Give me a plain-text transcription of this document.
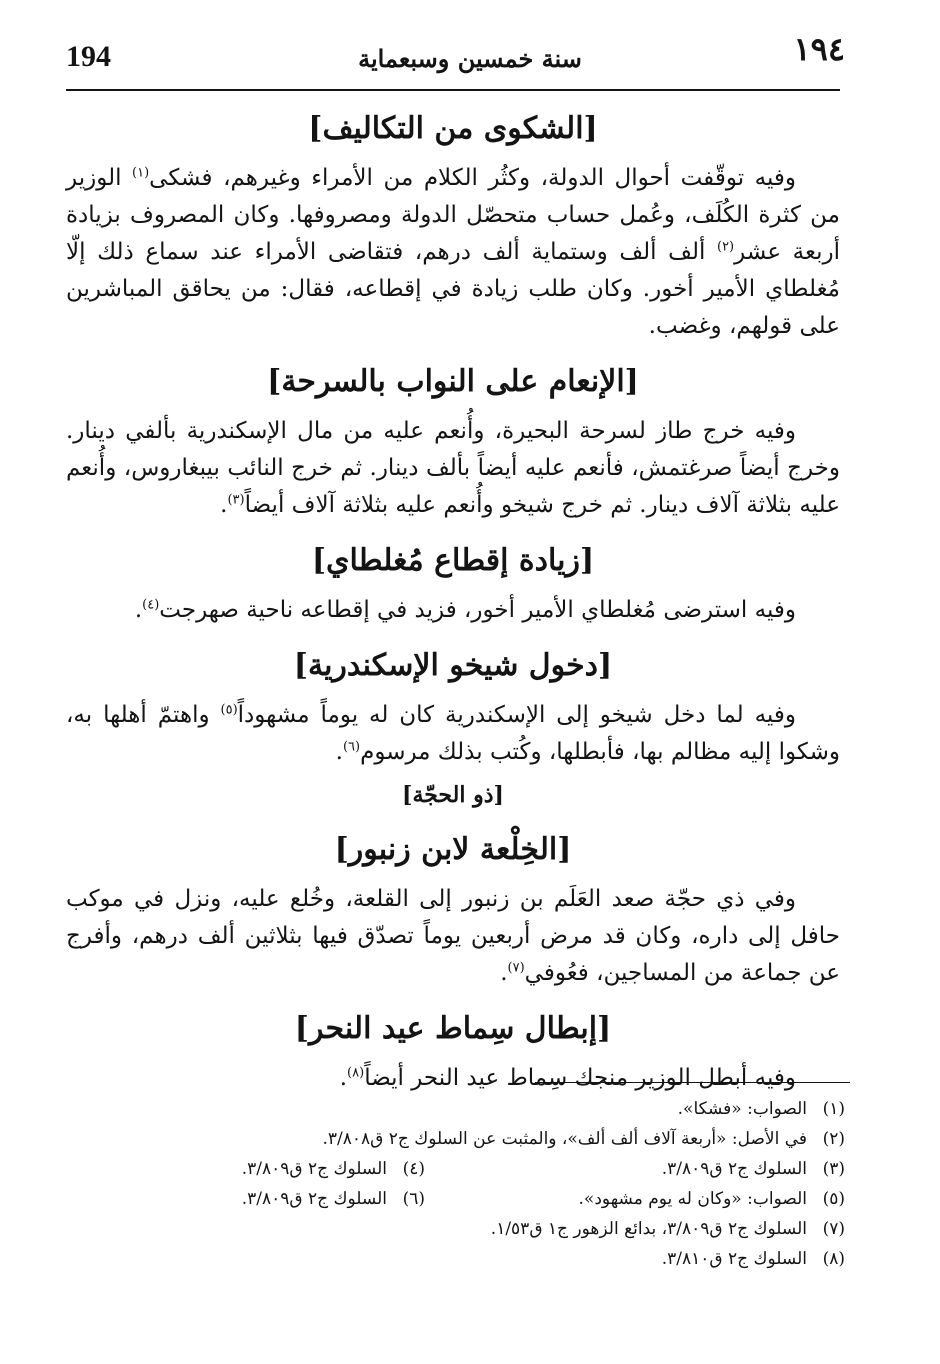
194	سنة خمسين وسبعماية	١٩٤
[الشكوى من التكاليف]

وفيه توقّفت أحوال الدولة، وكثُر الكلام من الأمراء وغيرهم، فشكى$^{(١)}$ الوزير من كثرة الكُلَف، وعُمل حساب متحصّل الدولة ومصروفها. وكان المصروف بزيادة أربعة عشر$^{(٢)}$ ألف ألف وستماية ألف درهم، فتقاضى الأمراء عند سماع ذلك إلّا مُغلطاي الأمير أخور. وكان طلب زيادة في إقطاعه، فقال: من يحاقق المباشرين على قولهم، وغضب.

[الإنعام على النواب بالسرحة]

وفيه خرج طاز لسرحة البحيرة، وأُنعم عليه من مال الإسكندرية بألفي دينار. وخرج أيضاً صرغتمش، فأنعم عليه أيضاً بألف دينار. ثم خرج النائب بيبغاروس، وأُنعم عليه بثلاثة آلاف دينار. ثم خرج شيخو وأُنعم عليه بثلاثة آلاف أيضاً$^{(٣)}$.

[زيادة إقطاع مُغلطاي]

وفيه استرضى مُغلطاي الأمير أخور، فزيد في إقطاعه ناحية صهرجت$^{(٤)}$.

[دخول شيخو الإسكندرية]

وفيه لما دخل شيخو إلى الإسكندرية كان له يوماً مشهوداً$^{(٥)}$ واهتمّ أهلها به، وشكوا إليه مظالم بها، فأبطلها، وكُتب بذلك مرسوم$^{(٦)}$.

[ذو الحجّة]
[الخِلْعة لابن زنبور]

وفي ذي حجّة صعد العَلَم بن زنبور إلى القلعة، وخُلع عليه، ونزل في موكب حافل إلى داره، وكان قد مرض أربعين يوماً تصدّق فيها بثلاثين ألف درهم، وأفرج عن جماعة من المساجين، فعُوفي$^{(٧)}$.

[إبطال سِماط عيد النحر]

وفيه أبطل الوزير منجك سِماط عيد النحر أيضاً$^{(٨)}$.

(١)الصواب: «فشكا».
(٢)في الأصل: «أربعة آلاف ألف ألف»، والمثبت عن السلوك ج٢ ق٣/٨٠٨.
(٣)السلوك ج٢ ق٣/٨٠٩.
(٤)السلوك ج٢ ق٣/٨٠٩.
(٥)الصواب: «وكان له يوم مشهود».
(٦)السلوك ج٢ ق٣/٨٠٩.
(٧)السلوك ج٢ ق٣/٨٠٩، بدائع الزهور ج١ ق١/٥٣.
(٨)السلوك ج٢ ق٣/٨١٠.
